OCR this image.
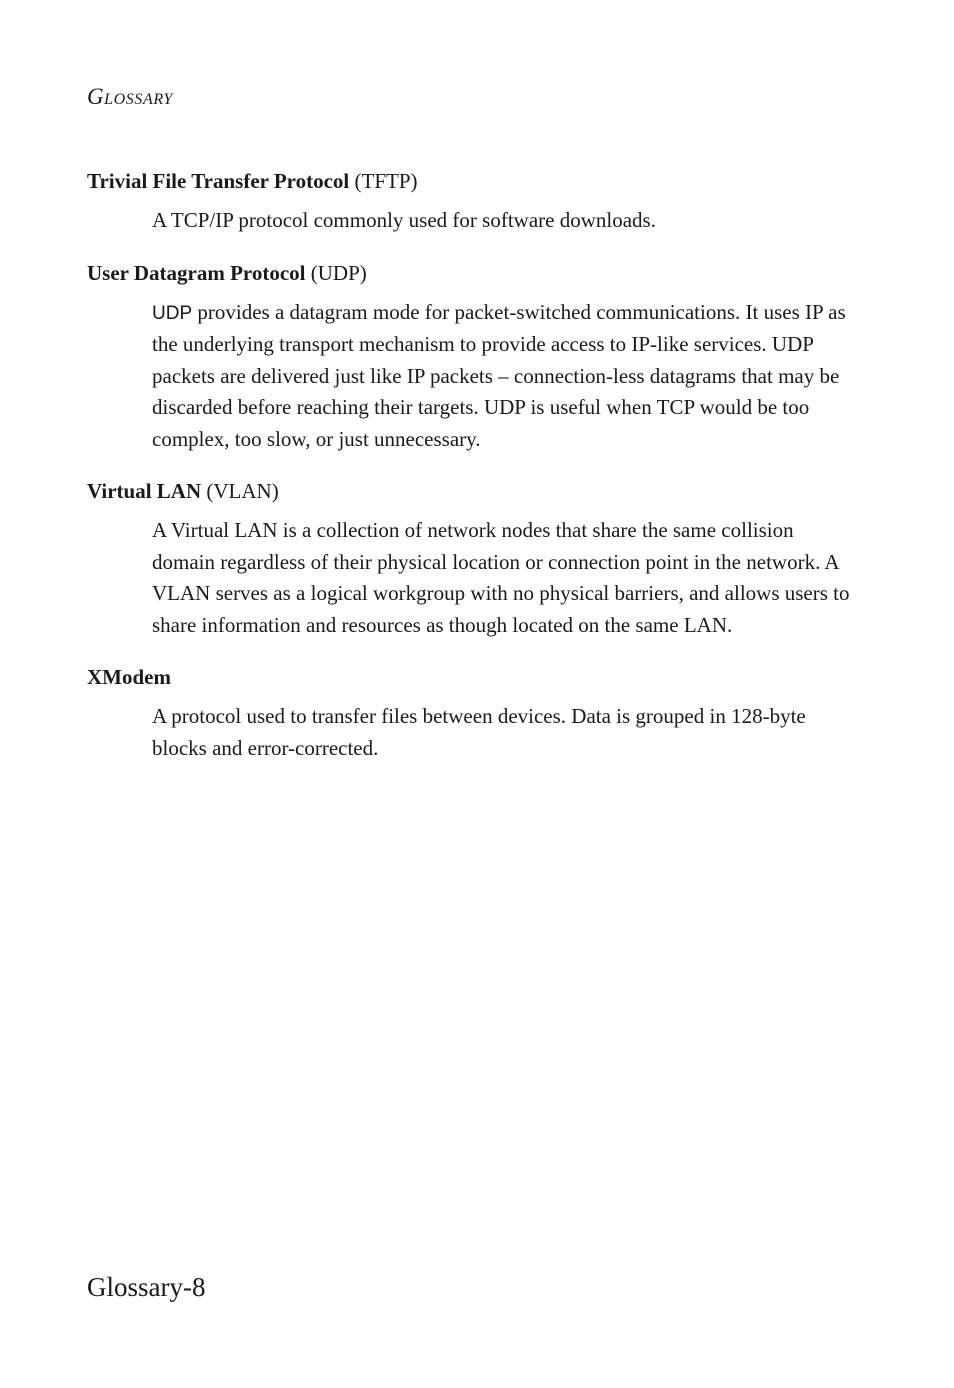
GLOSSARY

Trivial File Transfer Protocol (TFTP)

A TCP/IP protocol commonly used for software downloads.

User Datagram Protocol (UDP)

UDP provides a datagram mode for packet-switched communications. It uses IP as the underlying transport mechanism to provide access to IP-like services. UDP packets are delivered just like IP packets – connection-less datagrams that may be discarded before reaching their targets. UDP is useful when TCP would be too complex, too slow, or just unnecessary.

Virtual LAN (VLAN)

A Virtual LAN is a collection of network nodes that share the same collision domain regardless of their physical location or connection point in the network. A VLAN serves as a logical workgroup with no physical barriers, and allows users to share information and resources as though located on the same LAN.

XModem

A protocol used to transfer files between devices. Data is grouped in 128-byte blocks and error-corrected.
Glossary-8
